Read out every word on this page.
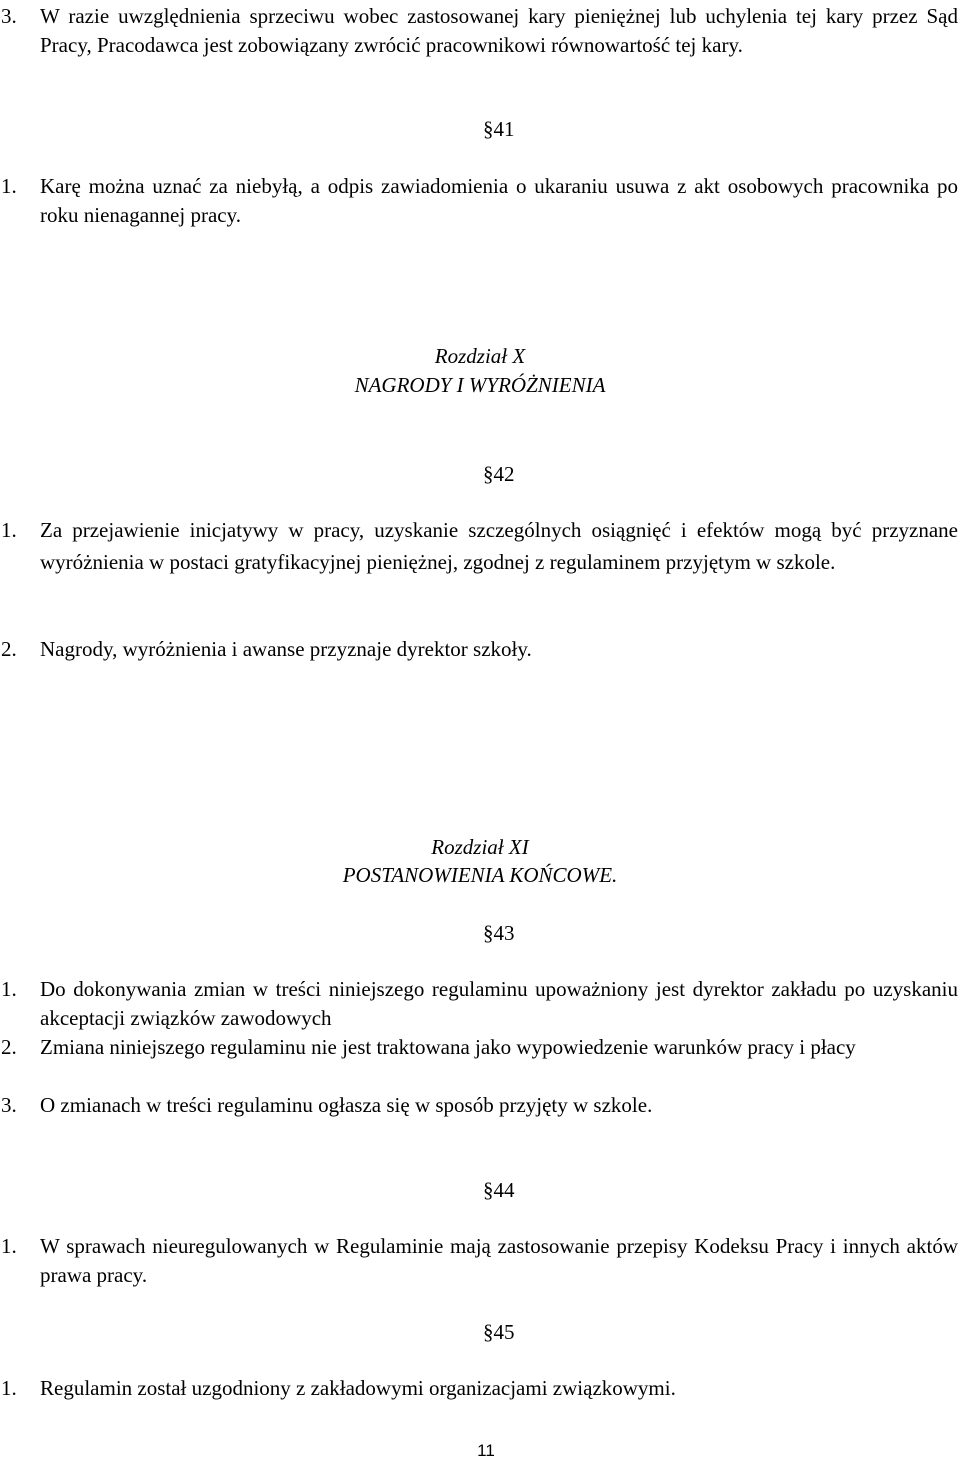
3. W razie uwzględnienia sprzeciwu wobec zastosowanej kary pieniężnej lub uchylenia tej kary przez Sąd Pracy, Pracodawca jest zobowiązany zwrócić pracownikowi równowartość tej kary.
§41
1. Karę można uznać za niebyłą, a odpis zawiadomienia o ukaraniu usuwa z akt osobowych pracownika po roku nienagannej pracy.
Rozdział X
NAGRODY I WYRÓŻNIENIA
§42
1. Za przejawienie inicjatywy w pracy, uzyskanie szczególnych osiągnięć i efektów mogą być przyznane wyróżnienia w postaci gratyfikacyjnej pieniężnej, zgodnej z regulaminem przyjętym w szkole.
2. Nagrody, wyróżnienia i awanse przyznaje dyrektor szkoły.
Rozdział XI
POSTANOWIENIA KOŃCOWE.
§43
1. Do dokonywania zmian w treści niniejszego regulaminu upoważniony jest dyrektor zakładu po uzyskaniu akceptacji związków zawodowych
2. Zmiana niniejszego regulaminu nie jest traktowana jako wypowiedzenie warunków pracy i płacy
3. O zmianach w treści regulaminu ogłasza się w sposób przyjęty w szkole.
§44
1. W sprawach nieuregulowanych w Regulaminie mają zastosowanie przepisy Kodeksu Pracy i innych aktów prawa pracy.
§45
1. Regulamin został uzgodniony z zakładowymi organizacjami związkowymi.
11
